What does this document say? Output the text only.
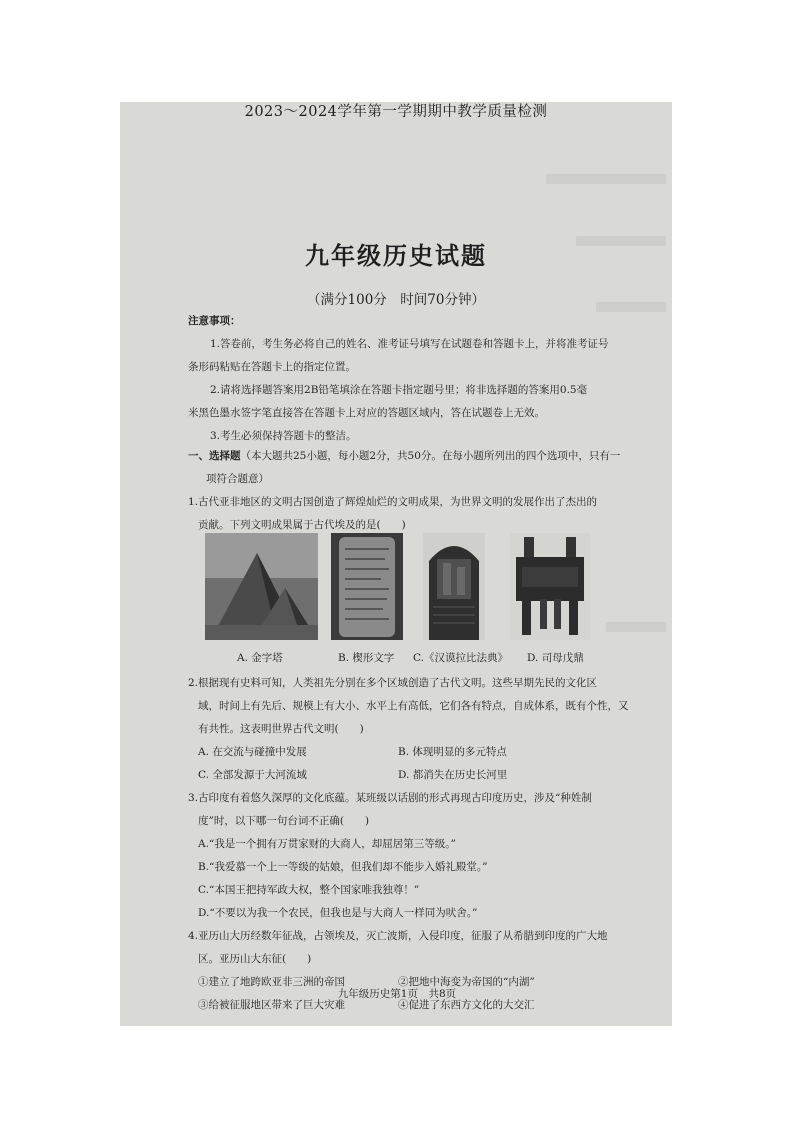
2023～2024学年第一学期期中教学质量检测
九年级历史试题
（满分100分　时间70分钟）
注意事项：
1.答卷前，考生务必将自己的姓名、准考证号填写在试题卷和答题卡上，并将准考证号
条形码粘贴在答题卡上的指定位置。
2.请将选择题答案用2B铅笔填涂在答题卡指定题号里；将非选择题的答案用0.5毫
米黑色墨水签字笔直接答在答题卡上对应的答题区域内，答在试题卷上无效。
3.考生必须保持答题卡的整洁。
一、选择题（本大题共25小题，每小题2分，共50分。在每小题所列出的四个选项中，只有一
项符合题意）
1.古代亚非地区的文明古国创造了辉煌灿烂的文明成果，为世界文明的发展作出了杰出的
贡献。下列文明成果属于古代埃及的是(　　)
A. 金字塔	B. 楔形文字 C.《汉谟拉比法典》 D. 司母戊鼎
2.根据现有史料可知，人类祖先分别在多个区域创造了古代文明。这些早期先民的文化区
域，时间上有先后、规模上有大小、水平上有高低，它们各有特点，自成体系，既有个性，又
有共性。这表明世界古代文明(　　)
A. 在交流与碰撞中发展	B. 体现明显的多元特点
C. 全部发源于大河流域	D. 都消失在历史长河里
3.古印度有着悠久深厚的文化底蕴。某班级以话剧的形式再现古印度历史，涉及“种姓制
度”时，以下哪一句台词不正确(　　)
A.“我是一个拥有万贯家财的大商人，却屈居第三等级。”
B.“我爱慕一个上一等级的姑娘，但我们却不能步入婚礼殿堂。”
C.“本国王把持军政大权，整个国家唯我独尊！”
D.“不要以为我一个农民，但我也是与大商人一样同为吠舍。”
4.亚历山大历经数年征战，占领埃及，灭亡波斯，入侵印度，征服了从希腊到印度的广大地
区。亚历山大东征(　　)
①建立了地跨欧亚非三洲的帝国	②把地中海变为帝国的“内湖”
③给被征服地区带来了巨大灾难	④促进了东西方文化的大交汇
九年级历史第1页　共8页
